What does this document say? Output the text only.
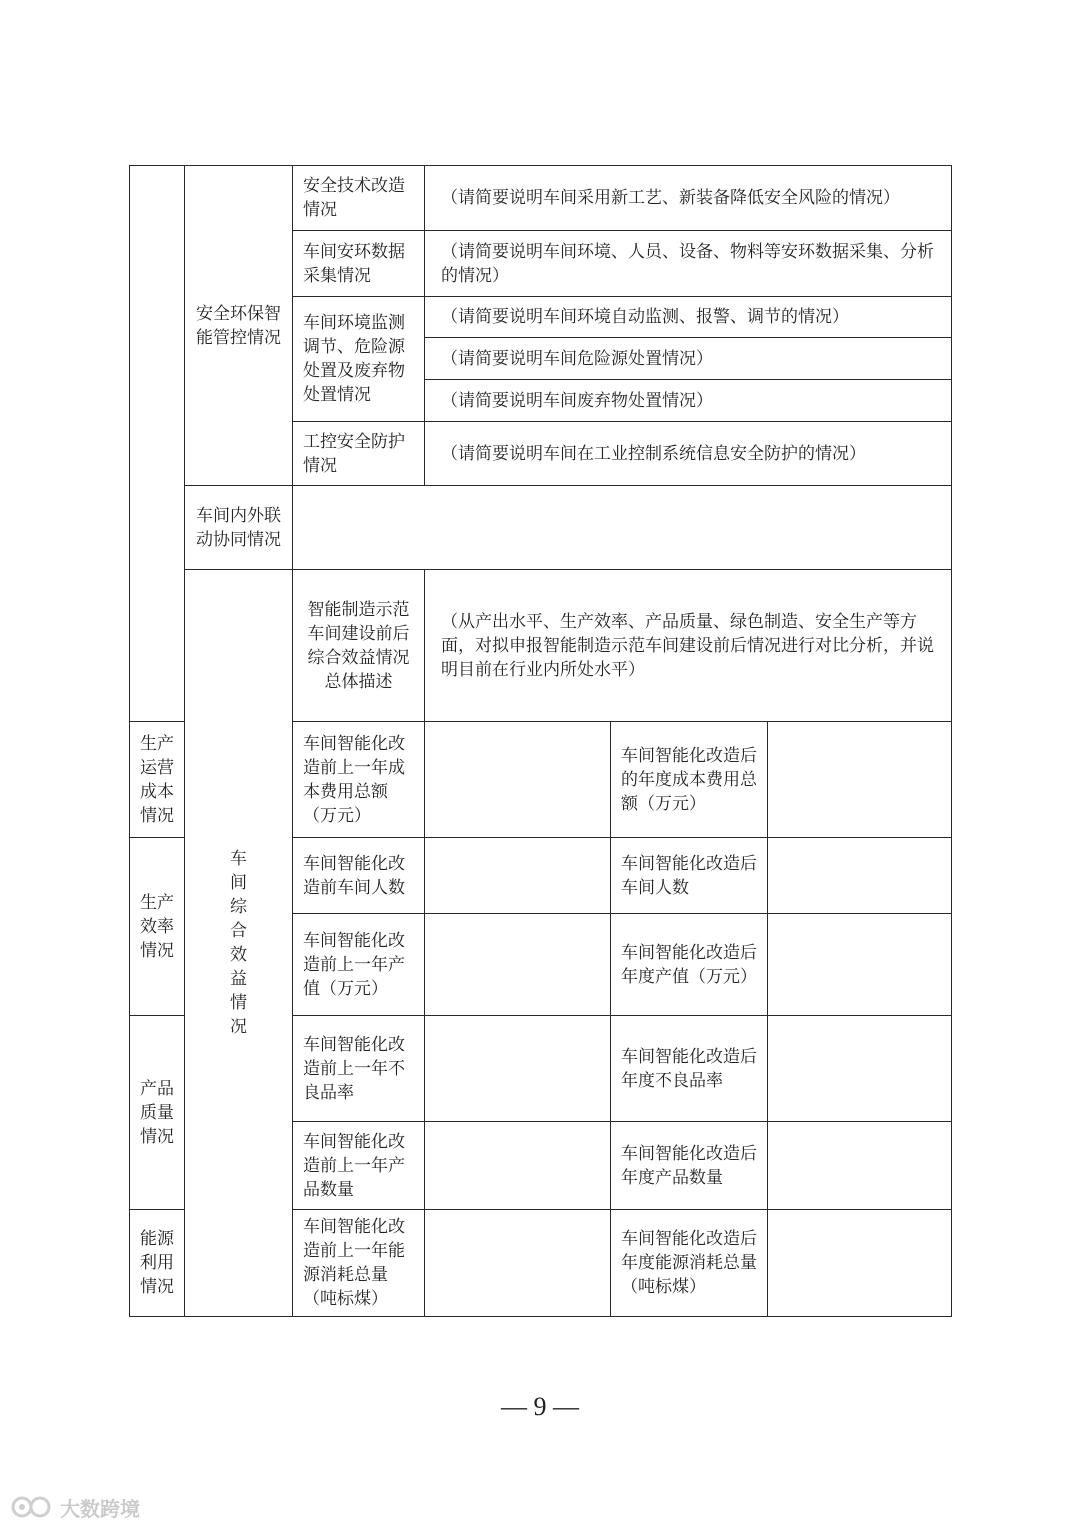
	安全环保智能管控情况	安全技术改造情况	（请简要说明车间采用新工艺、新装备降低安全风险的情况）		
		车间安环数据采集情况	（请简要说明车间环境、人员、设备、物料等安环数据采集、分析的情况）		
		车间环境监测调节、危险源处置及废弃物处置情况	（请简要说明车间环境自动监测、报警、调节的情况）		
			（请简要说明车间危险源处置情况）		
			（请简要说明车间废弃物处置情况）		
		工控安全防护情况	（请简要说明车间在工业控制系统信息安全防护的情况）		
	车间内外联动协同情况				

	车间综合效益情况	智能制造示范车间建设前后综合效益情况总体描述	（从产出水平、生产效率、产品质量、绿色制造、安全生产等方面，对拟申报智能制造示范车间建设前后情况进行对比分析，并说明目前在行业内所处水平）		
生产运营成本情况		车间智能化改造前上一年成本费用总额（万元）		车间智能化改造后的年度成本费用总额（万元）	
生产效率情况		车间智能化改造前车间人数		车间智能化改造后车间人数	
		车间智能化改造前上一年产值（万元）		车间智能化改造后年度产值（万元）	
产品质量情况		车间智能化改造前上一年不良品率		车间智能化改造后年度不良品率	
		车间智能化改造前上一年产品数量		车间智能化改造后年度产品数量	
能源利用情况		车间智能化改造前上一年能源消耗总量（吨标煤）		车间智能化改造后年度能源消耗总量（吨标煤）	
— 9 —
大数跨境
